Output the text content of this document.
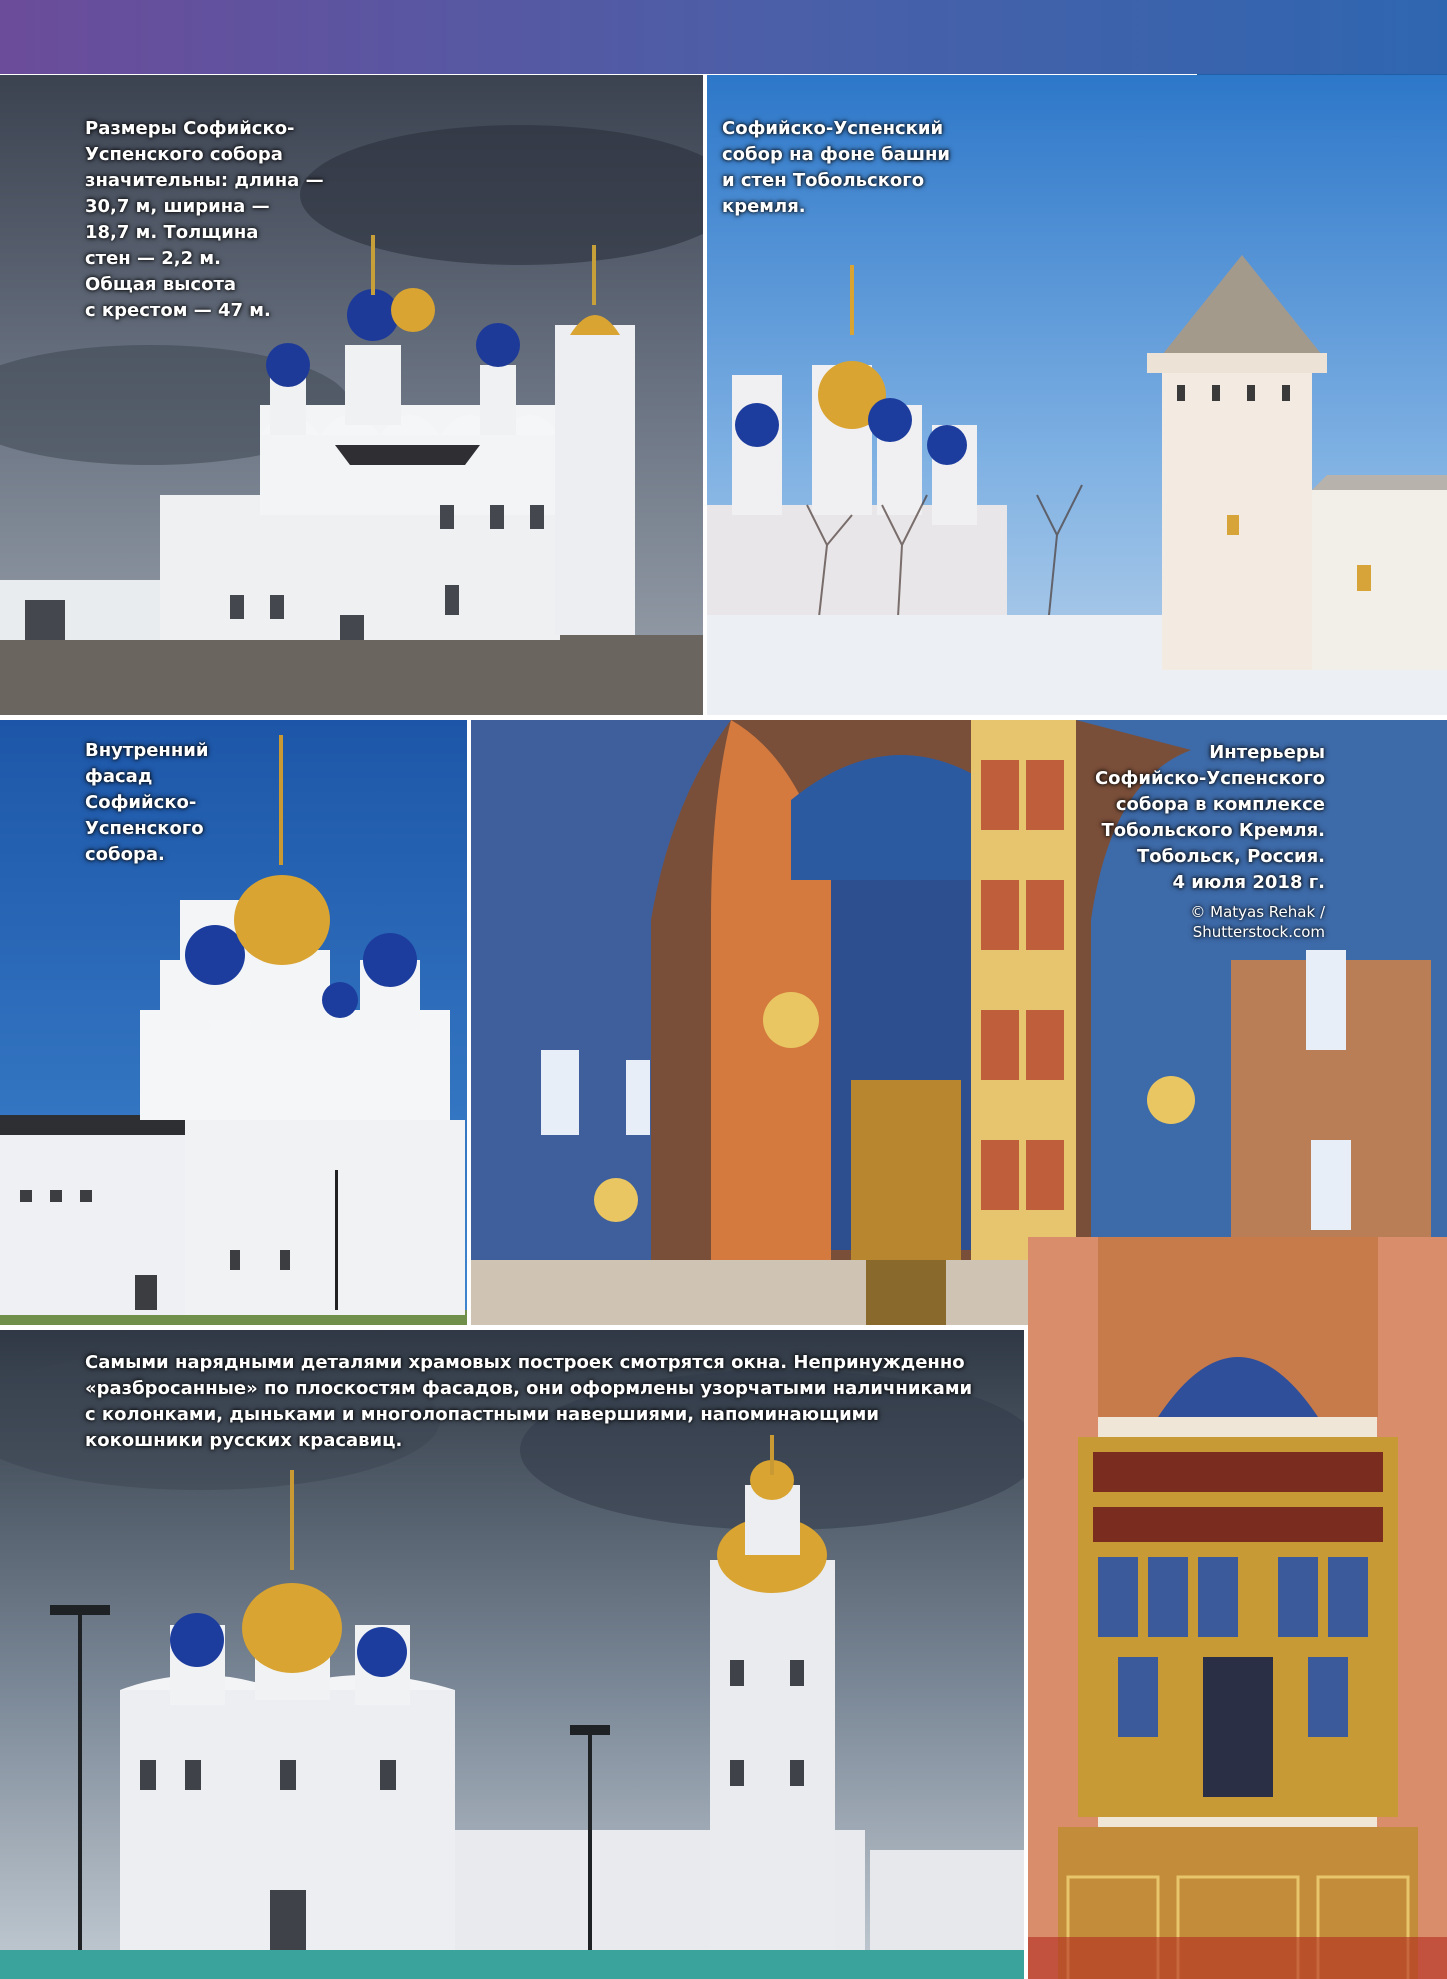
Размеры Софийско-
Успенского собора
значительны: длина —
30,7 м, ширина —
18,7 м. Толщина
стен — 2,2 м.
Общая высота
с крестом — 47 м.
Софийско-Успенский
собор на фоне башни
и стен Тобольского
кремля.
Внутренний
фасад
Софийско-
Успенского
собора.
Интерьеры
Софийско-Успенского
собора в комплексе
Тобольского Кремля.
Тобольск, Россия.
4 июля 2018 г.
© Matyas Rehak /
Shutterstock.com
Самыми нарядными деталями храмовых построек смотрятся окна. Непринужденно
«разбросанные» по плоскостям фасадов, они оформлены узорчатыми наличниками
с колонками, дыньками и многолопастными навершиями, напоминающими
кокошники русских красавиц.
